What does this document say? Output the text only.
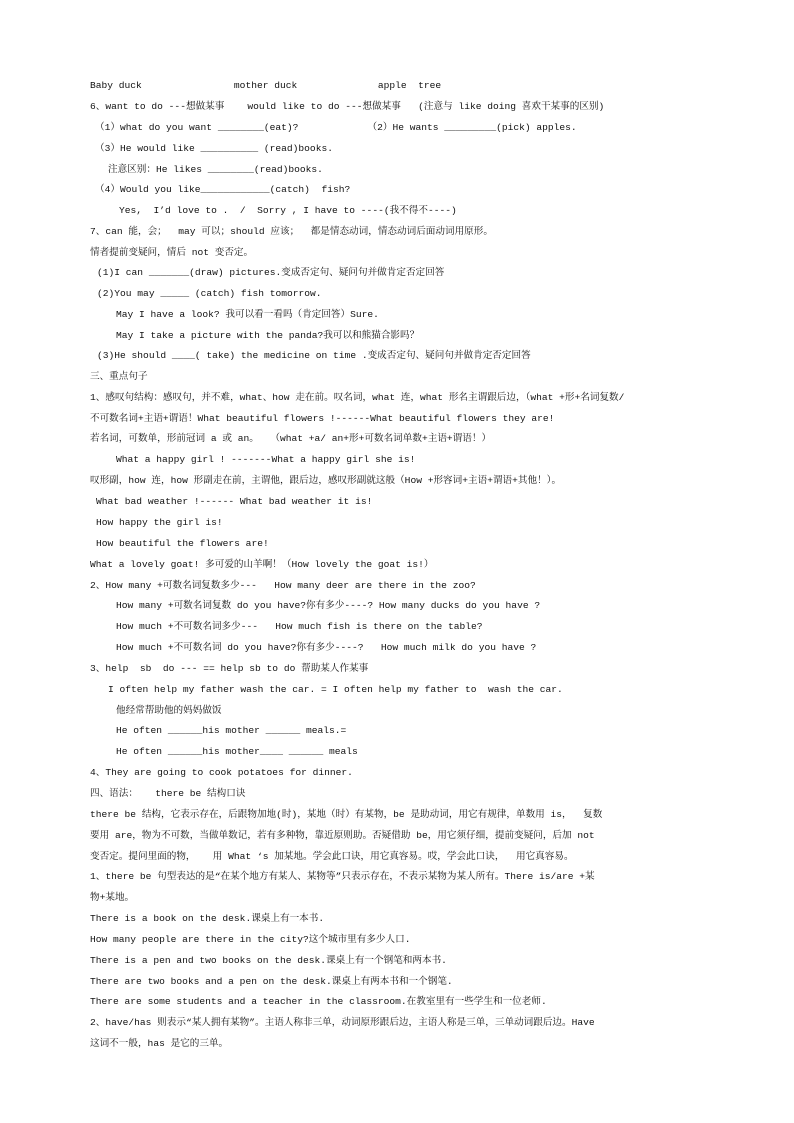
Baby duck                mother duck              apple  tree
6、want to do ---想做某事    would like to do ---想做某事   (注意与 like doing 喜欢干某事的区别)
（1）what do you want ________(eat)?            （2）He wants _________(pick) apples.
（3）He would like __________ (read)books.
注意区别：He likes ________(read)books.
（4）Would you like____________(catch)  fish?
Yes,  I’d love to .  /  Sorry , I have to ----(我不得不----)
7、can 能，会；  may 可以；should 应该；  都是情态动词，情态动词后面动词用原形。
情者提前变疑问，情后 not 变否定。
(1)I can _______(draw) pictures.变成否定句、疑问句并做肯定否定回答
(2)You may _____ (catch) fish tomorrow.
May I have a look? 我可以看一看吗（肯定回答）Sure.
May I take a picture with the panda?我可以和熊猫合影吗？
(3)He should ____( take) the medicine on time .变成否定句、疑问句并做肯定否定回答
三、重点句子
1、感叹句结构：感叹句，并不难，what、how 走在前。叹名词，what 连，what 形名主谓跟后边，（what +形+名词复数/
不可数名词+主语+谓语！What beautiful flowers !------What beautiful flowers they are!
若名词，可数单，形前冠词 a 或 an。  （what +a/ an+形+可数名词单数+主语+谓语！）
What a happy girl ! -------What a happy girl she is!
叹形副，how 连，how 形副走在前，主谓他，跟后边，感叹形副就这般（How +形容词+主语+谓语+其他！）。
What bad weather !------ What bad weather it is!
How happy the girl is!
How beautiful the flowers are!
What a lovely goat! 多可爱的山羊啊！（How lovely the goat is!）
2、How many +可数名词复数多少---   How many deer are there in the zoo?
How many +可数名词复数 do you have?你有多少----? How many ducks do you have ?
How much +不可数名词多少---   How much fish is there on the table?
How much +不可数名词 do you have?你有多少----?   How much milk do you have ?
3、help  sb  do --- == help sb to do 帮助某人作某事
I often help my father wash the car. = I often help my father to  wash the car.
他经常帮助他的妈妈做饭
He often ______his mother ______ meals.=
He often ______his mother____ ______ meals
4、They are going to cook potatoes for dinner.
四、语法：   there be 结构口诀
there be 结构，它表示存在，后跟物加地(时)，某地（时）有某物，be 是助动词，用它有规律，单数用 is，  复数
要用 are，物为不可数，当做单数记，若有多种物，靠近原则助。否疑借助 be，用它须仔细，提前变疑问，后加 not
变否定。提问里面的物，   用 What ‘s 加某地。学会此口诀，用它真容易。哎，学会此口诀，  用它真容易。
1、there be 句型表达的是“在某个地方有某人、某物等”只表示存在，不表示某物为某人所有。There is/are +某
物+某地。
There is a book on the desk.课桌上有一本书.
How many people are there in the city?这个城市里有多少人口.
There is a pen and two books on the desk.课桌上有一个钢笔和两本书.
There are two books and a pen on the desk.课桌上有两本书和一个钢笔.
There are some students and a teacher in the classroom.在教室里有一些学生和一位老师.
2、have/has 则表示“某人拥有某物”。主语人称非三单，动词原形跟后边，主语人称是三单，三单动词跟后边。Have
这词不一般，has 是它的三单。
